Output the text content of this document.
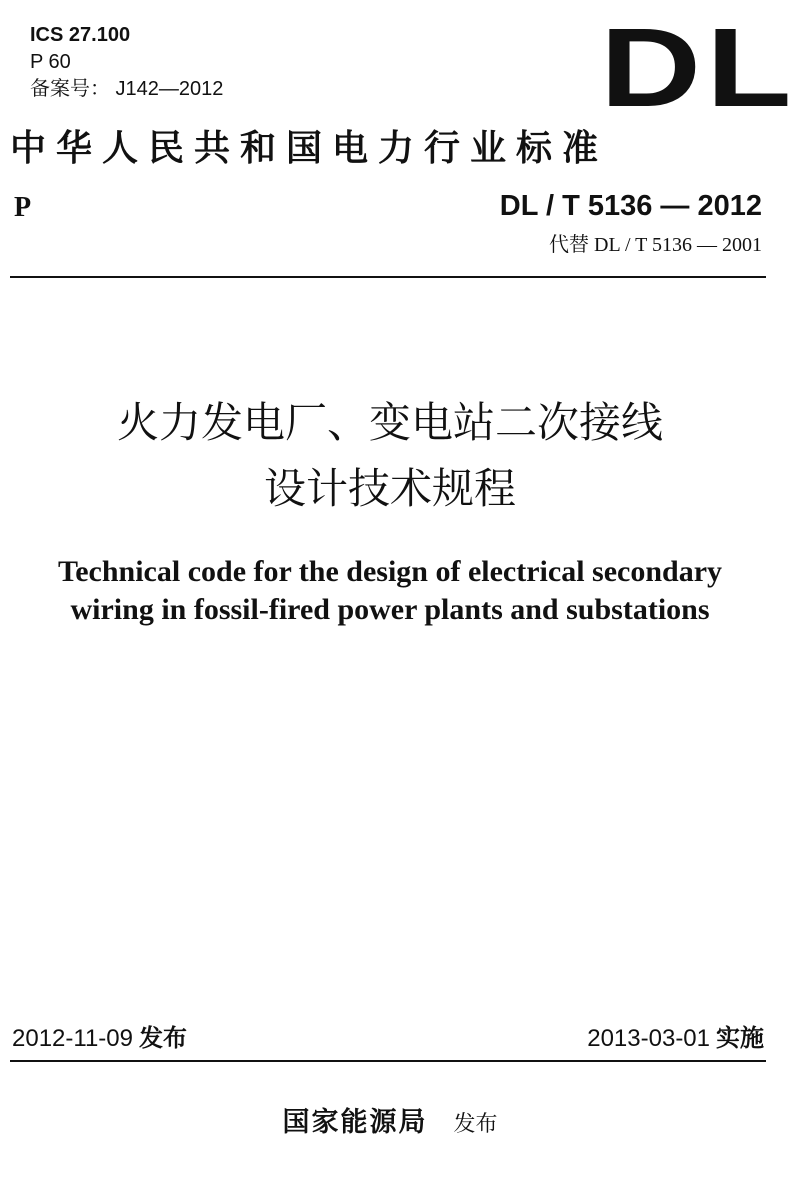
ICS 27.100
P 60
备案号： J142—2012	DL
中华人民共和国电力行业标准
P	DL / T 5136 — 2012
代替 DL / T 5136 — 2001
火力发电厂、变电站二次接线
设计技术规程
Technical code for the design of electrical secondary
wiring in fossil-fired power plants and substations
2012-11-09 发布	2013-03-01 实施
国家能源局 发布
